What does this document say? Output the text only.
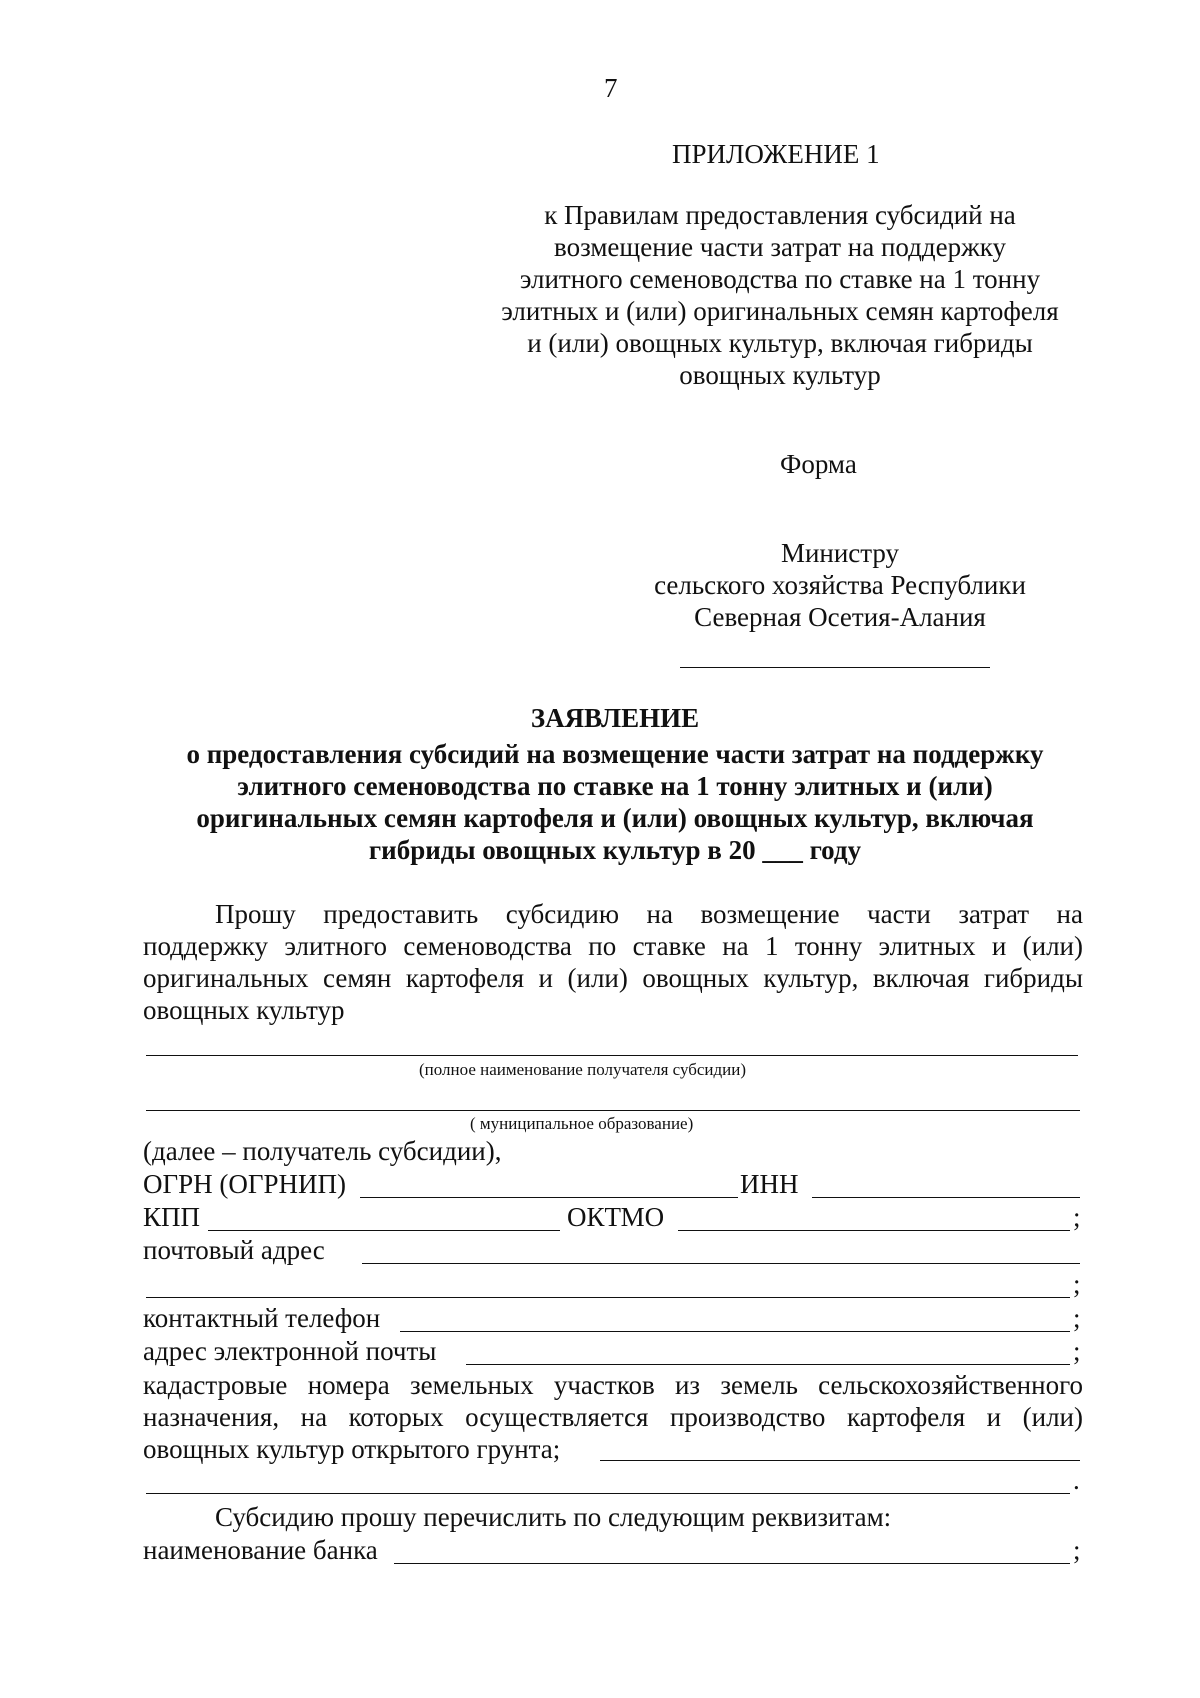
7
ПРИЛОЖЕНИЕ 1
к Правилам предоставления субсидий на
возмещение части затрат на поддержку
элитного семеноводства по ставке на 1 тонну
элитных и (или) оригинальных семян картофеля
и (или) овощных культур, включая гибриды
овощных культур
Форма
Министру
сельского хозяйства Республики
Северная Осетия-Алания
ЗАЯВЛЕНИЕ
о предоставления субсидий на возмещение части затрат на поддержку
элитного семеноводства по ставке на 1 тонну элитных и (или)
оригинальных семян картофеля и (или) овощных культур, включая
гибриды овощных культур в 20 ___ году
Прошу предоставить субсидию на возмещение части затрат на
поддержку элитного семеноводства по ставке на 1 тонну элитных и (или)
оригинальных семян картофеля и (или) овощных культур, включая гибриды
овощных культур
(полное наименование получателя субсидии)
( муниципальное образование)
(далее – получатель субсидии),
ОГРН (ОГРНИП)	ИНН
КПП	ОКТМО	;
почтовый адрес
;
контактный телефон	;
адрес электронной почты	;
кадастровые номера земельных участков из земель сельскохозяйственного
назначения, на которых осуществляется производство картофеля и (или)
овощных культур открытого грунта;
.
Субсидию прошу перечислить по следующим реквизитам:
наименование банка	;
